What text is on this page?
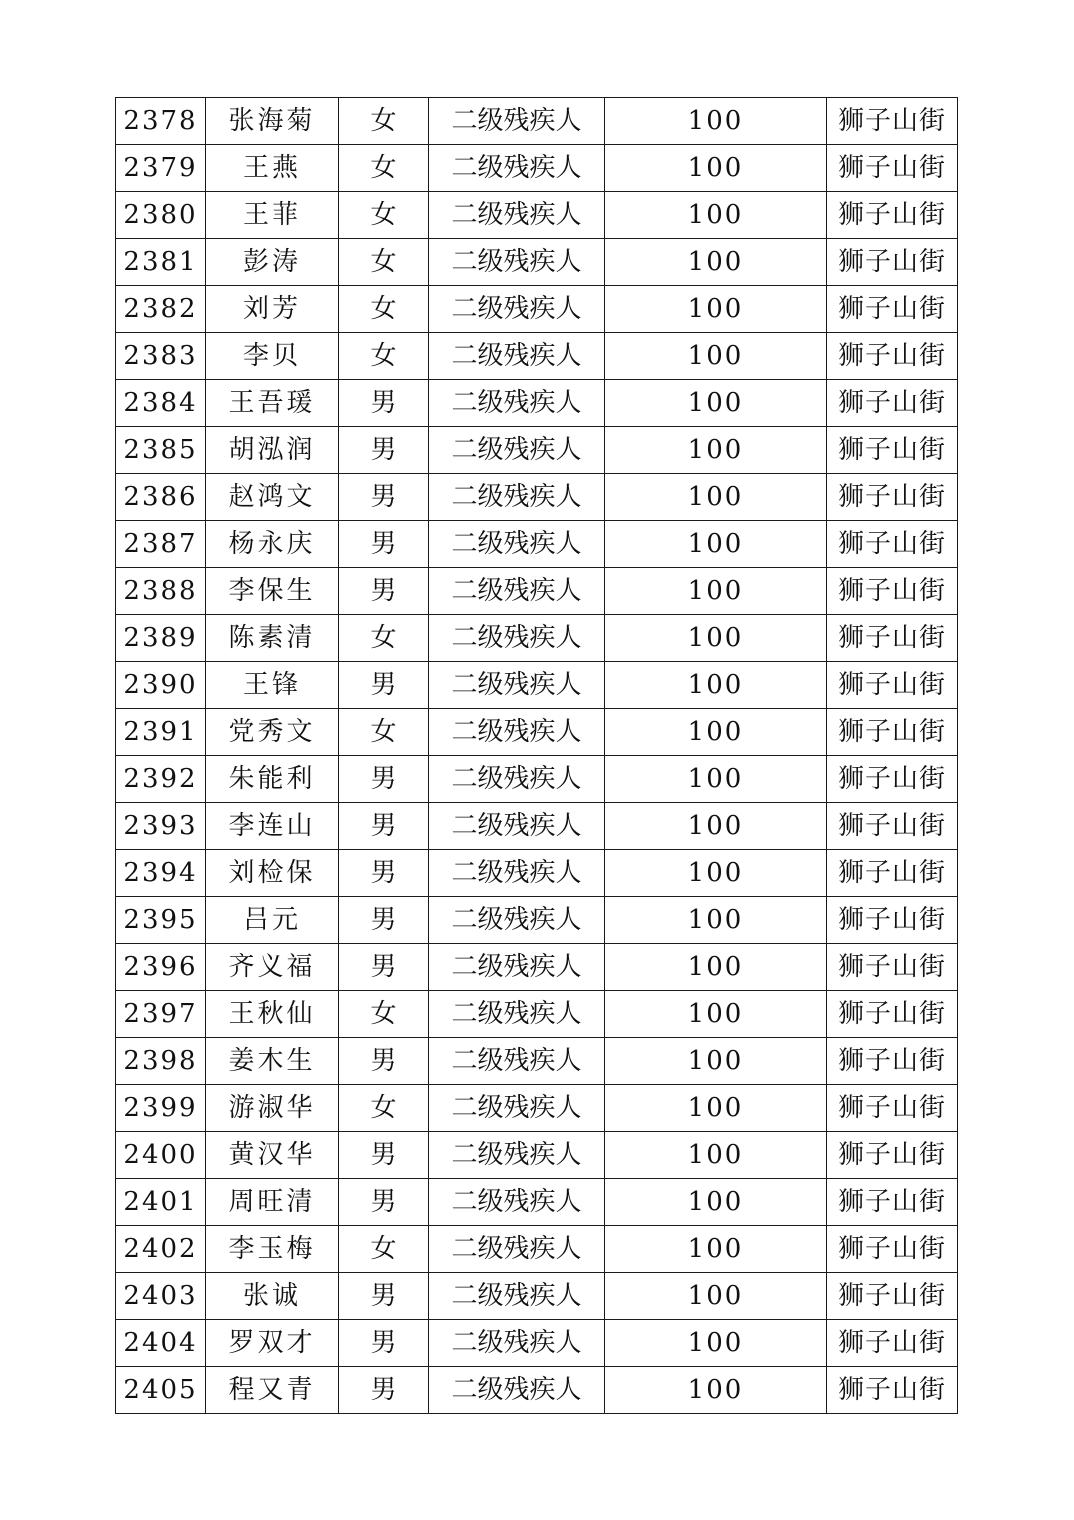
2378	张海菊	女	二级残疾人	100	狮子山街
2379	王燕	女	二级残疾人	100	狮子山街
2380	王菲	女	二级残疾人	100	狮子山街
2381	彭涛	女	二级残疾人	100	狮子山街
2382	刘芳	女	二级残疾人	100	狮子山街
2383	李贝	女	二级残疾人	100	狮子山街
2384	王吾瑗	男	二级残疾人	100	狮子山街
2385	胡泓润	男	二级残疾人	100	狮子山街
2386	赵鸿文	男	二级残疾人	100	狮子山街
2387	杨永庆	男	二级残疾人	100	狮子山街
2388	李保生	男	二级残疾人	100	狮子山街
2389	陈素清	女	二级残疾人	100	狮子山街
2390	王锋	男	二级残疾人	100	狮子山街
2391	党秀文	女	二级残疾人	100	狮子山街
2392	朱能利	男	二级残疾人	100	狮子山街
2393	李连山	男	二级残疾人	100	狮子山街
2394	刘检保	男	二级残疾人	100	狮子山街
2395	吕元	男	二级残疾人	100	狮子山街
2396	齐义福	男	二级残疾人	100	狮子山街
2397	王秋仙	女	二级残疾人	100	狮子山街
2398	姜木生	男	二级残疾人	100	狮子山街
2399	游淑华	女	二级残疾人	100	狮子山街
2400	黄汉华	男	二级残疾人	100	狮子山街
2401	周旺清	男	二级残疾人	100	狮子山街
2402	李玉梅	女	二级残疾人	100	狮子山街
2403	张诚	男	二级残疾人	100	狮子山街
2404	罗双才	男	二级残疾人	100	狮子山街
2405	程又青	男	二级残疾人	100	狮子山街
